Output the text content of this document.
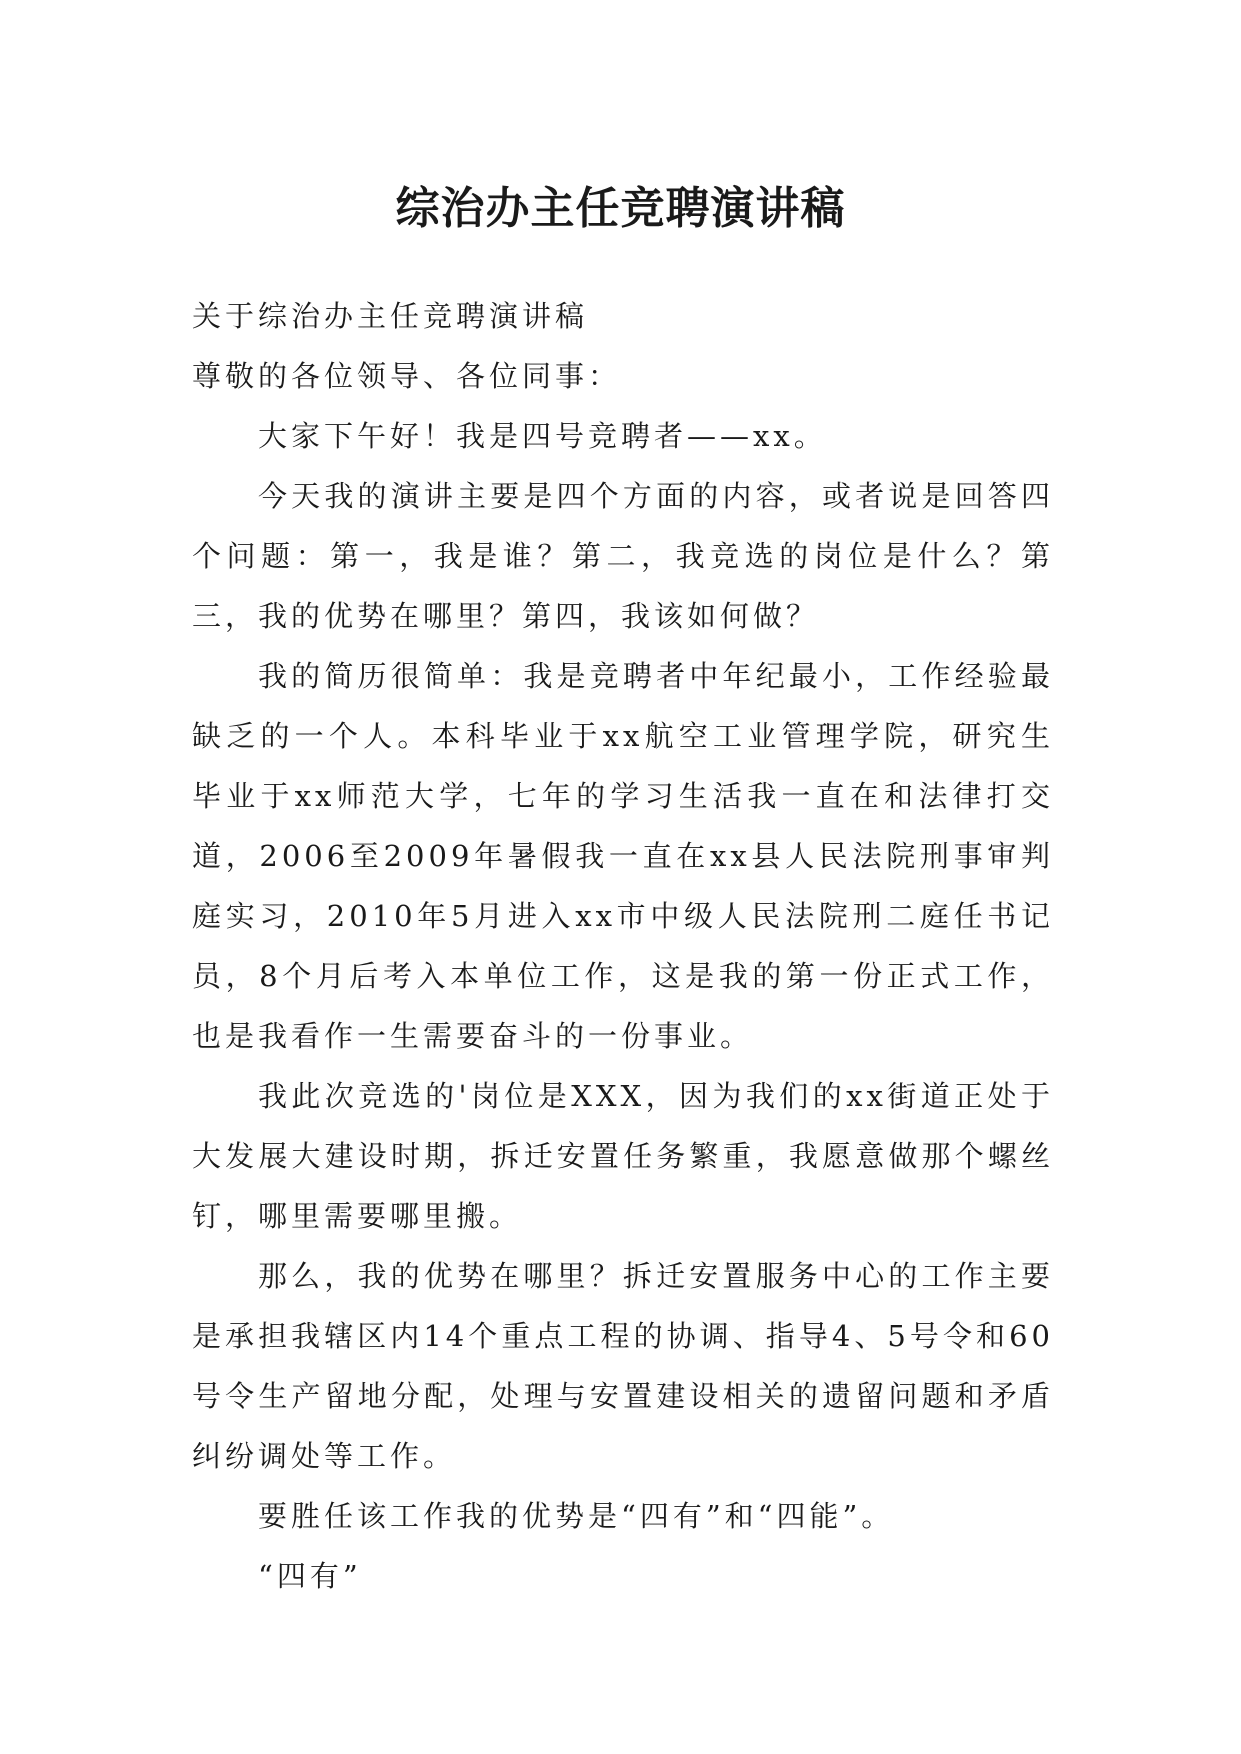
综治办主任竞聘演讲稿

关于综治办主任竞聘演讲稿

尊敬的各位领导、各位同事：

大家下午好！我是四号竞聘者——xx。

今天我的演讲主要是四个方面的内容，或者说是回答四个问题：第一，我是谁？第二，我竞选的岗位是什么？第三，我的优势在哪里？第四，我该如何做？

我的简历很简单：我是竞聘者中年纪最小，工作经验最缺乏的一个人。本科毕业于xx航空工业管理学院，研究生毕业于xx师范大学，七年的学习生活我一直在和法律打交道，2006至2009年暑假我一直在xx县人民法院刑事审判庭实习，2010年5月进入xx市中级人民法院刑二庭任书记员，8个月后考入本单位工作，这是我的第一份正式工作，也是我看作一生需要奋斗的一份事业。

我此次竞选的'岗位是XXX，因为我们的xx街道正处于大发展大建设时期，拆迁安置任务繁重，我愿意做那个螺丝钉，哪里需要哪里搬。

那么，我的优势在哪里？拆迁安置服务中心的工作主要是承担我辖区内14个重点工程的协调、指导4、5号令和60号令生产留地分配，处理与安置建设相关的遗留问题和矛盾纠纷调处等工作。

要胜任该工作我的优势是“四有”和“四能”。

“四有”
